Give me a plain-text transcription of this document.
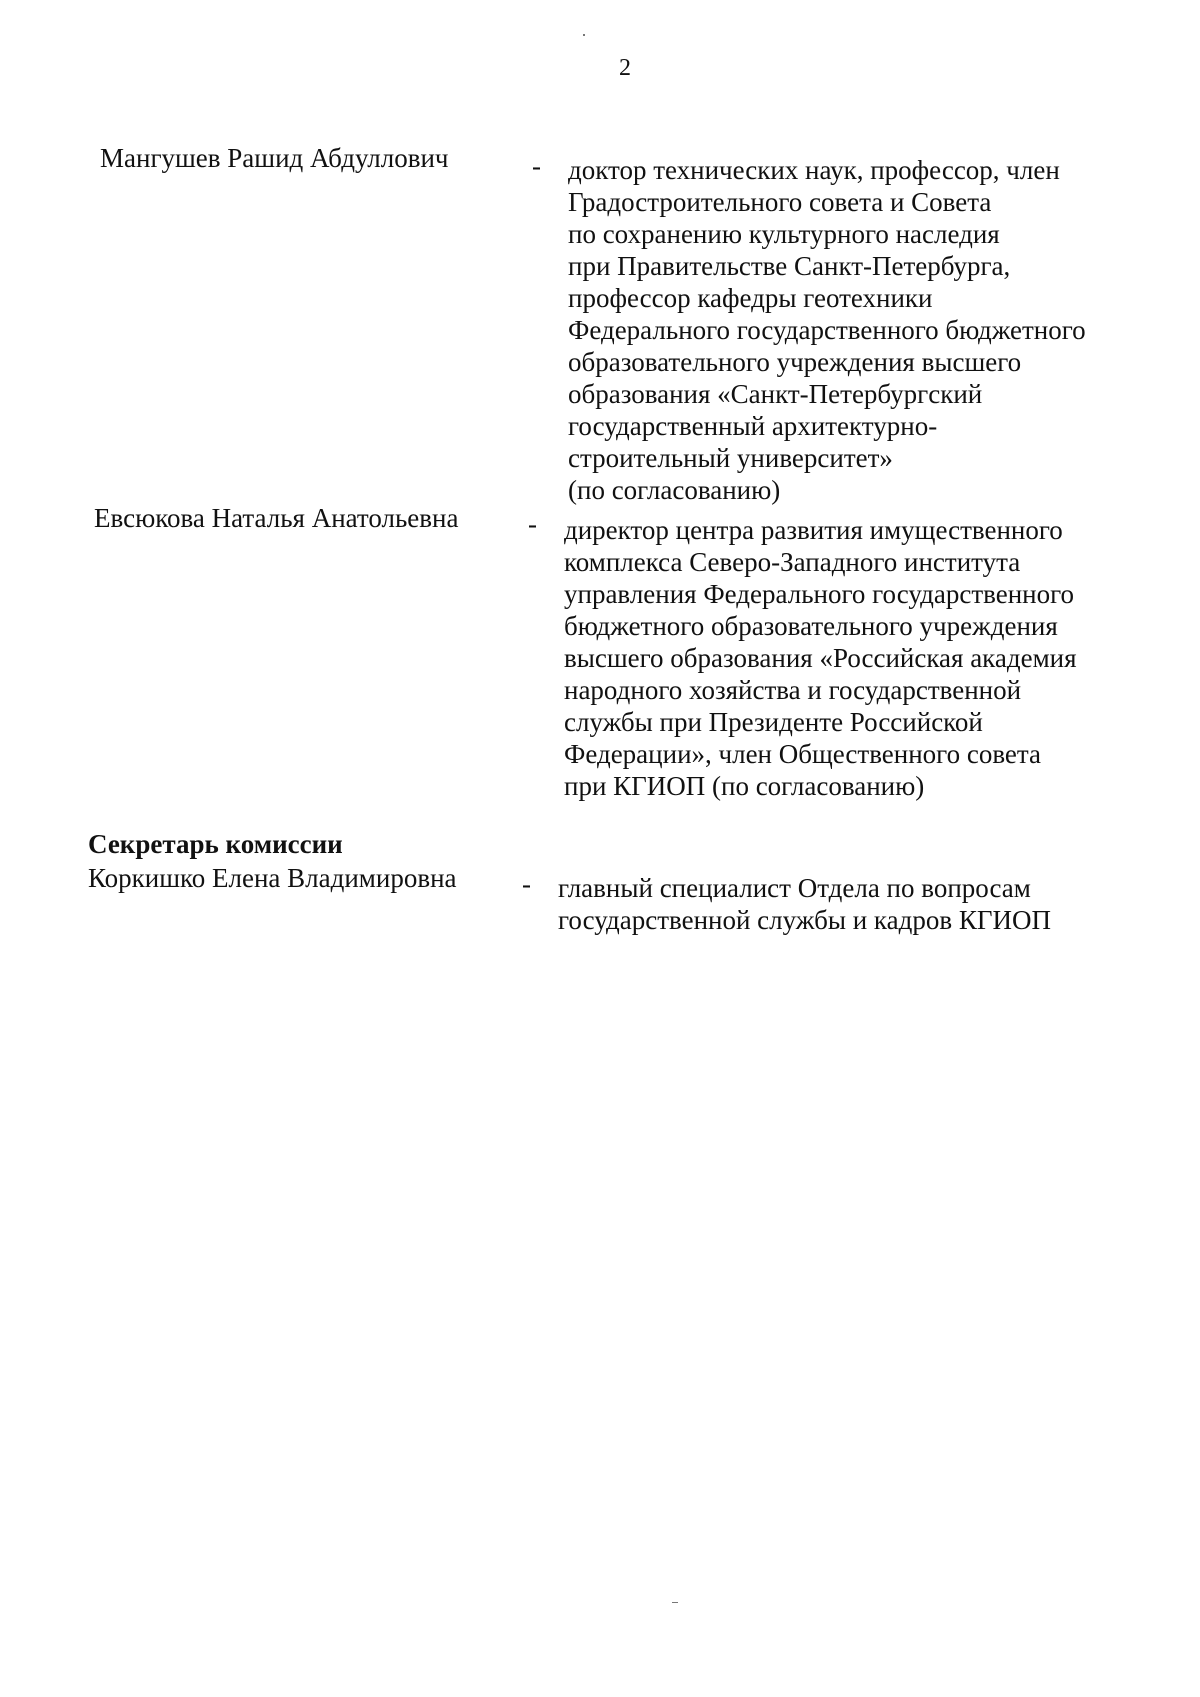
2
Мангушев Рашид Абдуллович	- доктор технических наук, профессор, член
Градостроительного совета и Совета
по сохранению культурного наследия
при Правительстве Санкт-Петербурга,
профессор кафедры геотехники
Федерального государственного бюджетного
образовательного учреждения высшего
образования «Санкт-Петербургский
государственный архитектурно-
строительный университет»
(по согласованию)
Евсюкова Наталья Анатольевна	- директор центра развития имущественного
комплекса Северо-Западного института
управления Федерального государственного
бюджетного образовательного учреждения
высшего образования «Российская академия
народного хозяйства и государственной
службы при Президенте Российской
Федерации», член Общественного совета
при КГИОП (по согласованию)
Секретарь комиссии
Коркишко Елена Владимировна - главный специалист Отдела по вопросам
государственной службы и кадров КГИОП
